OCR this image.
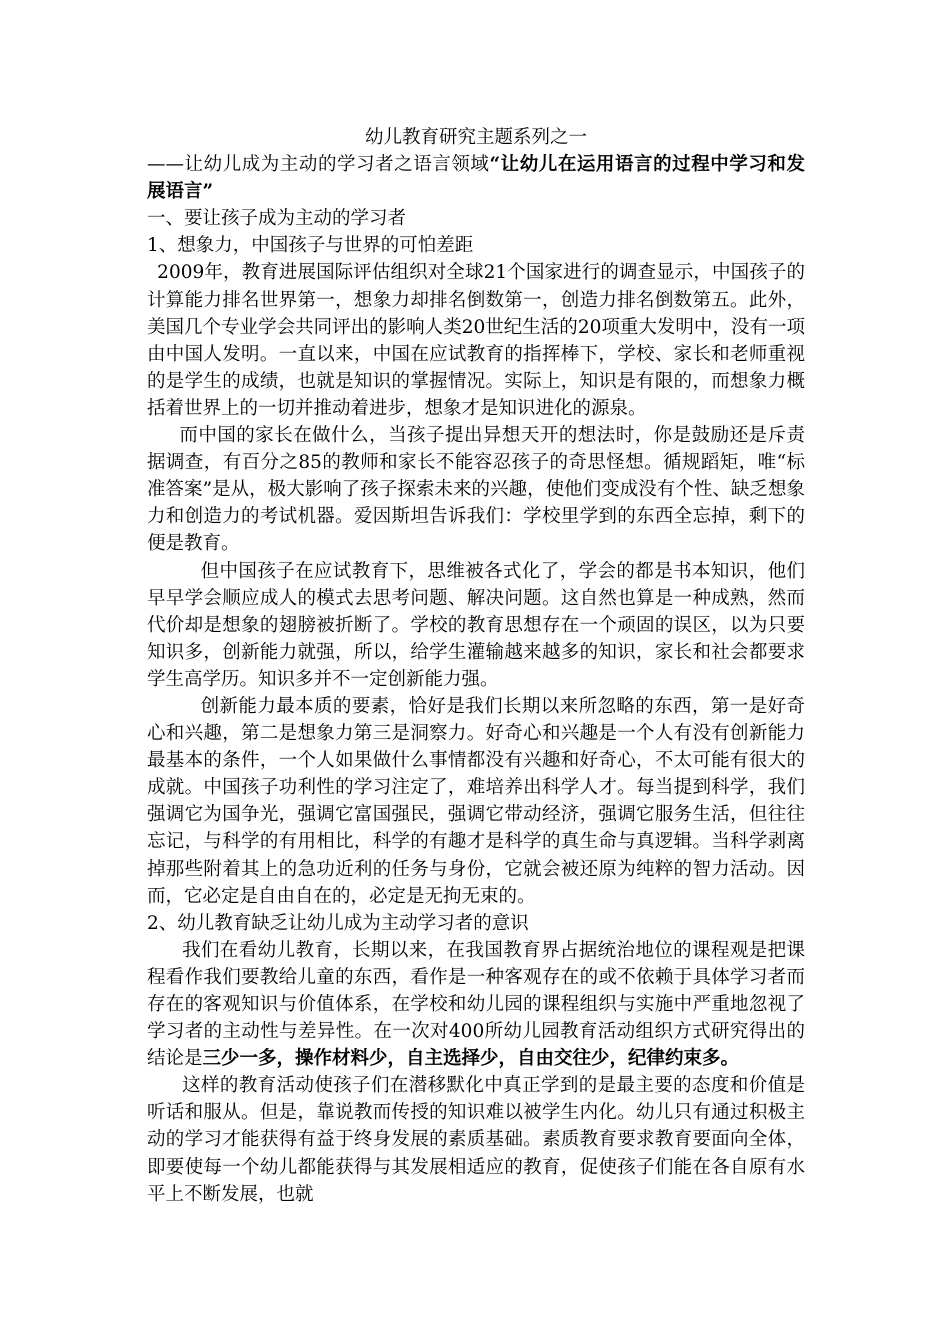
幼儿教育研究主题系列之一

——让幼儿成为主动的学习者之语言领域“让幼儿在运用语言的过程中学习和发展语言”

一、要让孩子成为主动的学习者

1、想象力，中国孩子与世界的可怕差距

2009年，教育进展国际评估组织对全球21个国家进行的调查显示，中国孩子的计算能力排名世界第一，想象力却排名倒数第一，创造力排名倒数第五。此外，美国几个专业学会共同评出的影响人类20世纪生活的20项重大发明中，没有一项由中国人发明。一直以来，中国在应试教育的指挥棒下，学校、家长和老师重视的是学生的成绩，也就是知识的掌握情况。实际上，知识是有限的，而想象力概括着世界上的一切并推动着进步，想象才是知识进化的源泉。

而中国的家长在做什么，当孩子提出异想天开的想法时，你是鼓励还是斥责据调查，有百分之85的教师和家长不能容忍孩子的奇思怪想。循规蹈矩，唯“标准答案”是从，极大影响了孩子探索未来的兴趣，使他们变成没有个性、缺乏想象力和创造力的考试机器。爱因斯坦告诉我们：学校里学到的东西全忘掉，剩下的便是教育。

但中国孩子在应试教育下，思维被各式化了，学会的都是书本知识，他们早早学会顺应成人的模式去思考问题、解决问题。这自然也算是一种成熟，然而代价却是想象的翅膀被折断了。学校的教育思想存在一个顽固的误区，以为只要知识多，创新能力就强，所以，给学生灌输越来越多的知识，家长和社会都要求学生高学历。知识多并不一定创新能力强。

创新能力最本质的要素，恰好是我们长期以来所忽略的东西，第一是好奇心和兴趣，第二是想象力第三是洞察力。好奇心和兴趣是一个人有没有创新能力最基本的条件，一个人如果做什么事情都没有兴趣和好奇心，不太可能有很大的成就。中国孩子功利性的学习注定了，难培养出科学人才。每当提到科学，我们强调它为国争光，强调它富国强民，强调它带动经济，强调它服务生活，但往往忘记，与科学的有用相比，科学的有趣才是科学的真生命与真逻辑。当科学剥离掉那些附着其上的急功近利的任务与身份，它就会被还原为纯粹的智力活动。因而，它必定是自由自在的，必定是无拘无束的。

2、幼儿教育缺乏让幼儿成为主动学习者的意识

我们在看幼儿教育，长期以来，在我国教育界占据统治地位的课程观是把课程看作我们要教给儿童的东西，看作是一种客观存在的或不依赖于具体学习者而存在的客观知识与价值体系，在学校和幼儿园的课程组织与实施中严重地忽视了学习者的主动性与差异性。在一次对400所幼儿园教育活动组织方式研究得出的结论是三少一多，操作材料少，自主选择少，自由交往少，纪律约束多。

这样的教育活动使孩子们在潜移默化中真正学到的是最主要的态度和价值是听话和服从。但是，靠说教而传授的知识难以被学生内化。幼儿只有通过积极主动的学习才能获得有益于终身发展的素质基础。素质教育要求教育要面向全体，即要使每一个幼儿都能获得与其发展相适应的教育，促使孩子们能在各自原有水平上不断发展，也就
